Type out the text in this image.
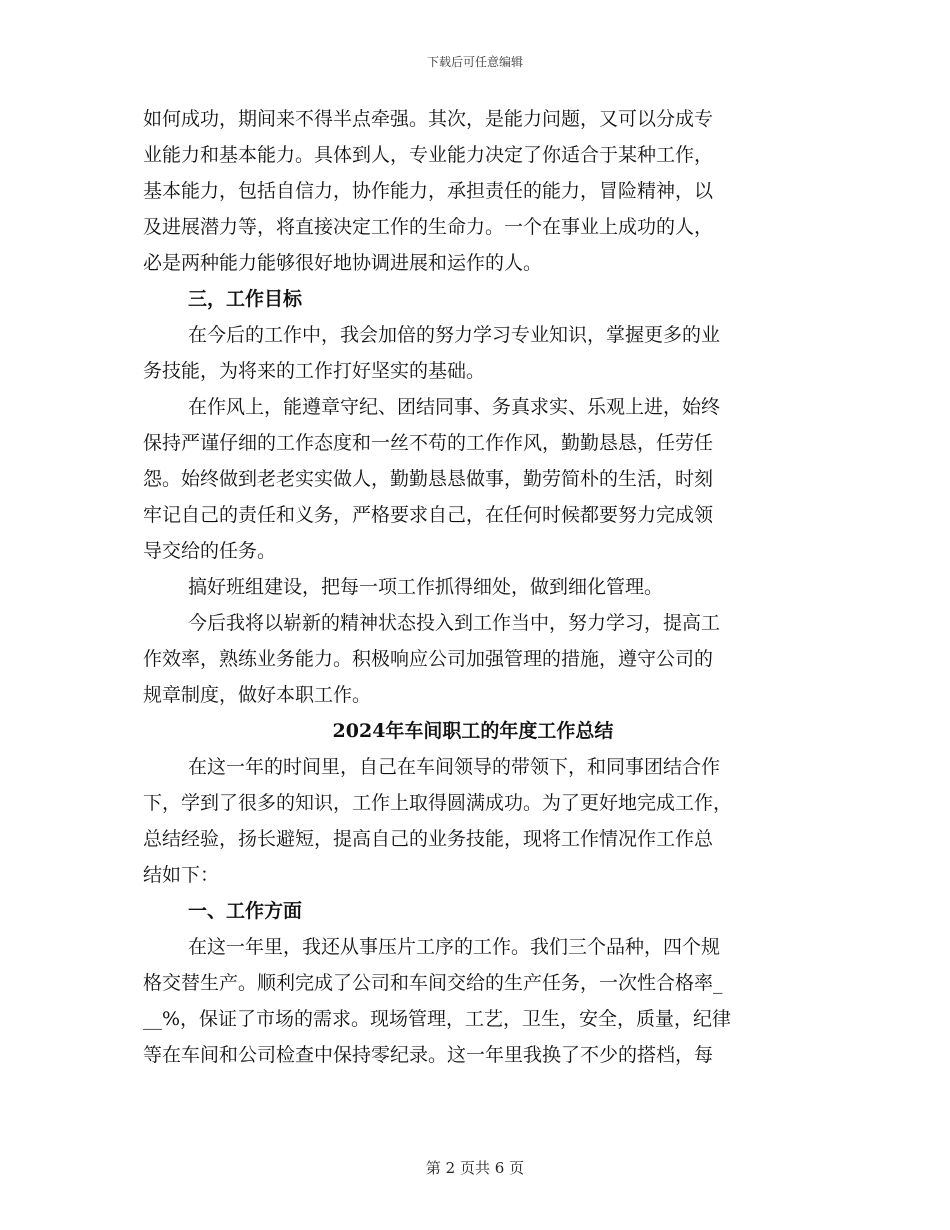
下载后可任意编辑
如何成功，期间来不得半点牵强。其次，是能力问题，又可以分成专
业能力和基本能力。具体到人，专业能力决定了你适合于某种工作，
基本能力，包括自信力，协作能力，承担责任的能力，冒险精神，以
及进展潜力等，将直接决定工作的生命力。一个在事业上成功的人，
必是两种能力能够很好地协调进展和运作的人。
三，工作目标
在今后的工作中，我会加倍的努力学习专业知识，掌握更多的业
务技能，为将来的工作打好坚实的基础。
在作风上，能遵章守纪、团结同事、务真求实、乐观上进，始终
保持严谨仔细的工作态度和一丝不苟的工作作风，勤勤恳恳，任劳任
怨。始终做到老老实实做人，勤勤恳恳做事，勤劳简朴的生活，时刻
牢记自己的责任和义务，严格要求自己，在任何时候都要努力完成领
导交给的任务。
搞好班组建设，把每一项工作抓得细处，做到细化管理。
今后我将以崭新的精神状态投入到工作当中，努力学习，提高工
作效率，熟练业务能力。积极响应公司加强管理的措施，遵守公司的
规章制度，做好本职工作。
2024年车间职工的年度工作总结
在这一年的时间里，自己在车间领导的带领下，和同事团结合作
下，学到了很多的知识，工作上取得圆满成功。为了更好地完成工作，
总结经验，扬长避短，提高自己的业务技能，现将工作情况作工作总
结如下：
一、工作方面
在这一年里，我还从事压片工序的工作。我们三个品种，四个规
格交替生产。顺利完成了公司和车间交给的生产任务，一次性合格率_
__%，保证了市场的需求。现场管理，工艺，卫生，安全，质量，纪律
等在车间和公司检查中保持零纪录。这一年里我换了不少的搭档，每
第 2 页共 6 页
